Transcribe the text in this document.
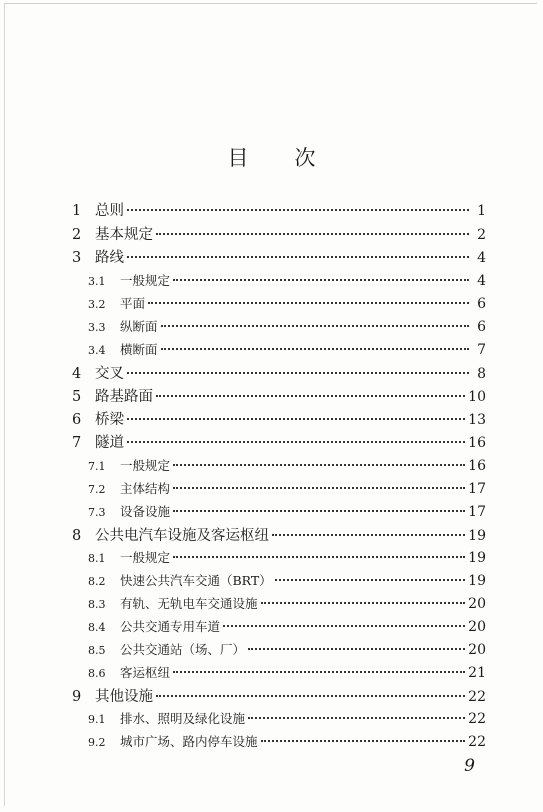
目 次
1 总则	1
2 基本规定	2
3 路线	4
3.1	一般规定	4
3.2	平面	6
3.3	纵断面	6
3.4	横断面	7
4 交叉	8
5 路基路面	10
6 桥梁	13
7 隧道	16
7.1	一般规定	16
7.2	主体结构	17
7.3	设备设施	17
8 公共电汽车设施及客运枢纽	19
8.1	一般规定	19
8.2	快速公共汽车交通（BRT）	19
8.3	有轨、无轨电车交通设施	20
8.4	公共交通专用车道	20
8.5	公共交通站（场、厂）	20
8.6	客运枢纽	21
9 其他设施	22
9.1	排水、照明及绿化设施	22
9.2	城市广场、路内停车设施	22
9
